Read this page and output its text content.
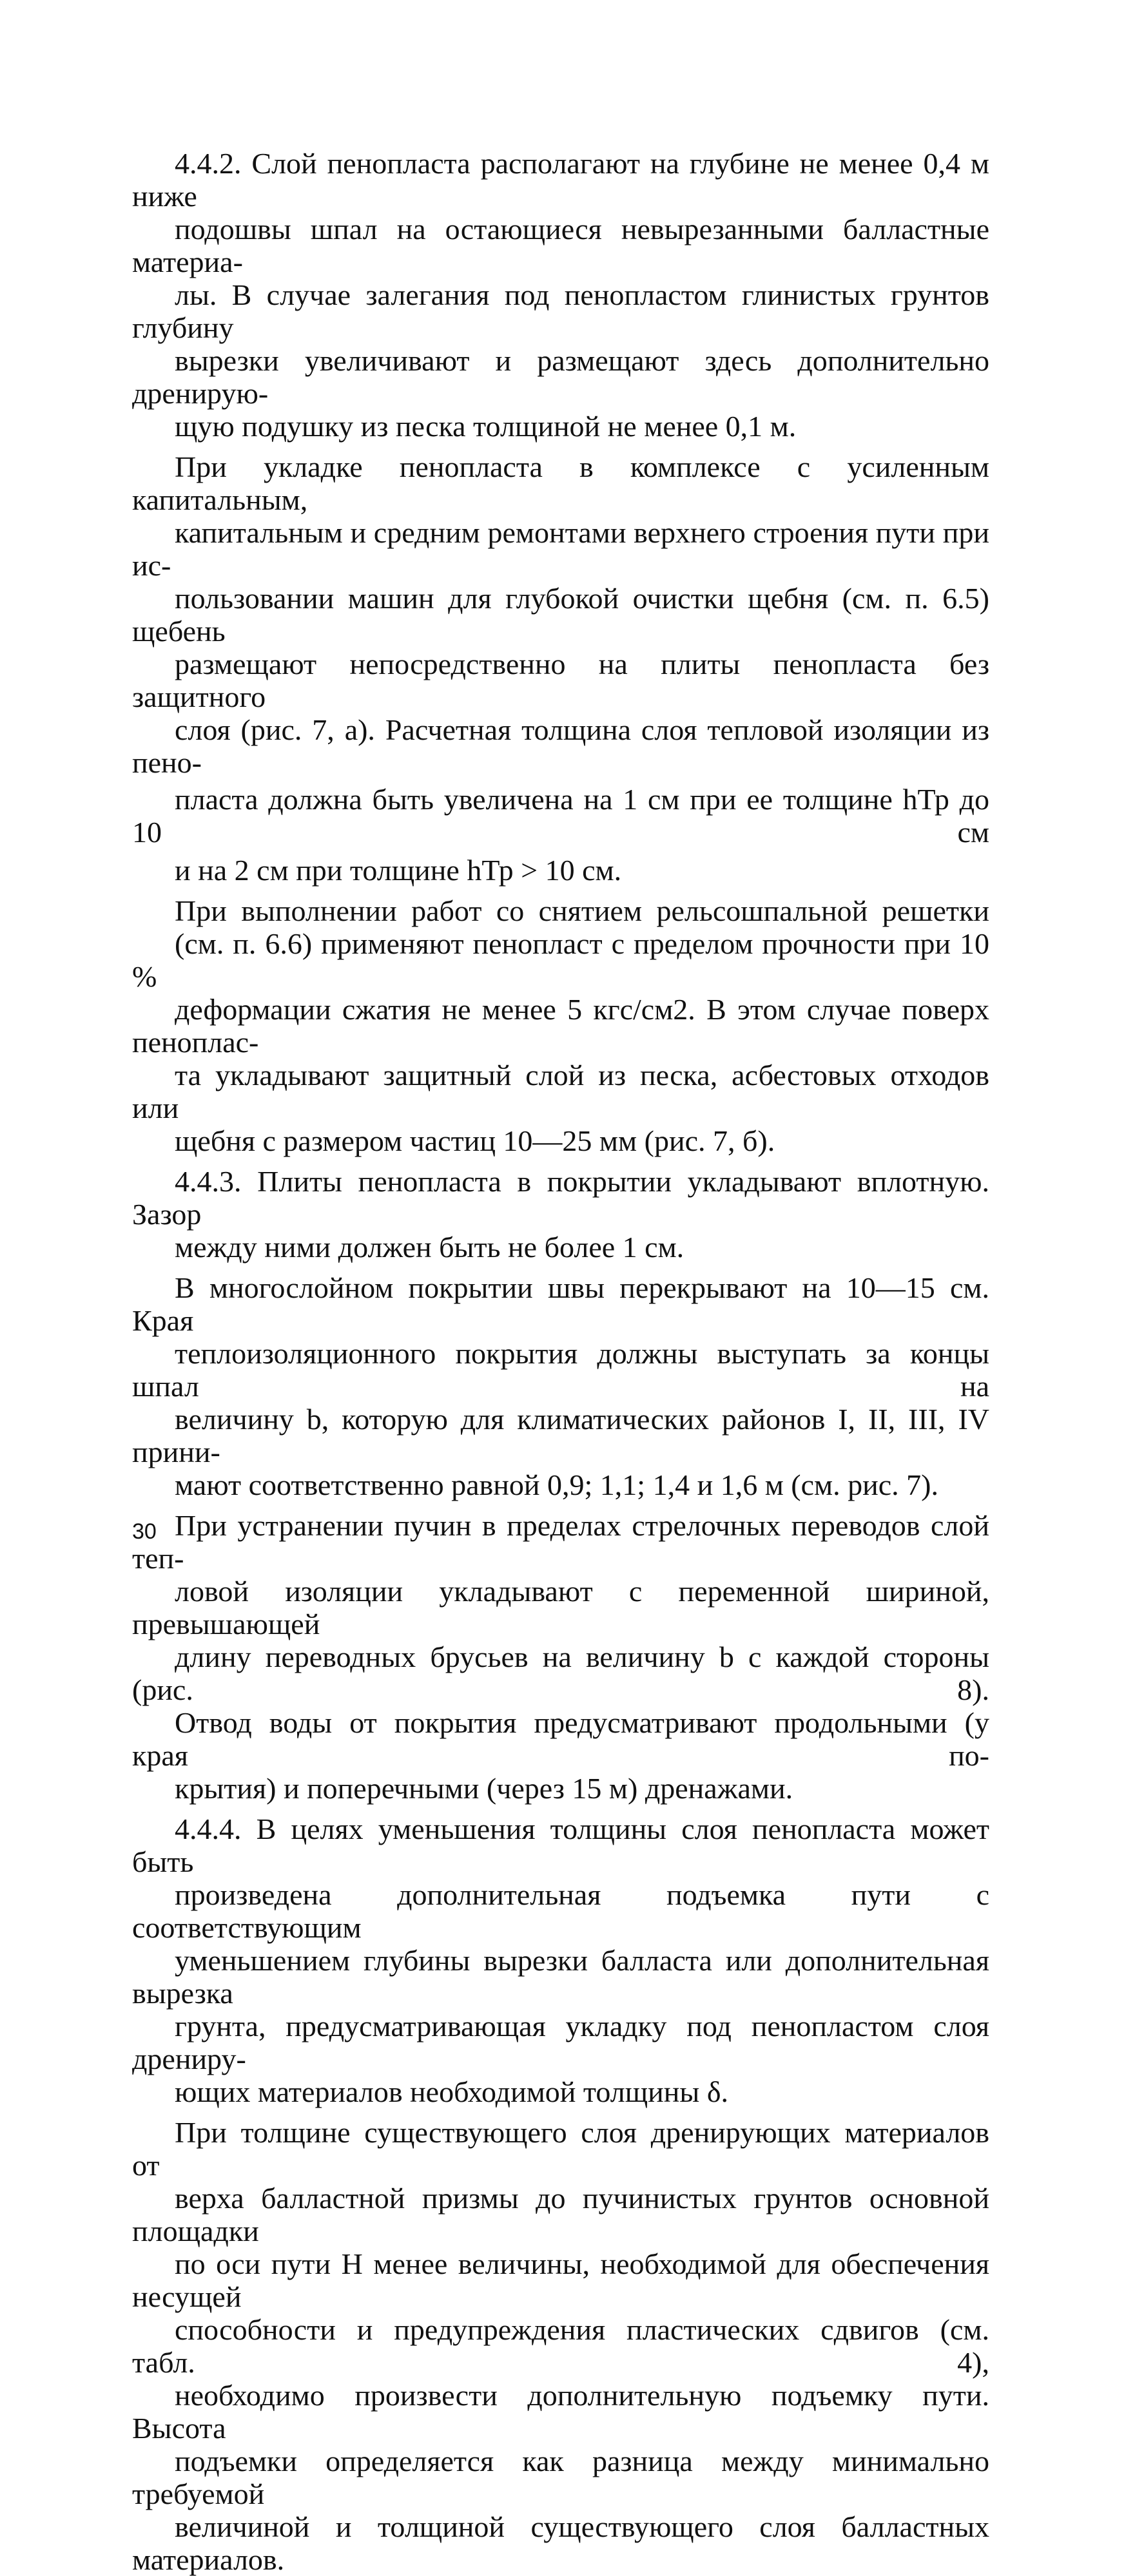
4.4.2. Слой пенопласта располагают на глубине не менее 0,4 м ниже
подошвы шпал на остающиеся невырезанными балластные материа-
лы. В случае залегания под пенопластом глинистых грунтов глубину
вырезки увеличивают и размещают здесь дополнительно дренирую-
щую подушку из песка толщиной не менее 0,1 м.
При укладке пенопласта в комплексе с усиленным капитальным,
капитальным и средним ремонтами верхнего строения пути при ис-
пользовании машин для глубокой очистки щебня (см. п. 6.5) щебень
размещают непосредственно на плиты пенопласта без защитного
слоя (рис. 7, а). Расчетная толщина слоя тепловой изоляции из пено-
пласта должна быть увеличена на 1 см при ее толщине hТр до 10 см
и на 2 см при толщине hТр > 10 см.
При выполнении работ со снятием рельсошпальной решетки
(см. п. 6.6) применяют пенопласт с пределом прочности при 10 %
деформации сжатия не менее 5 кгс/см2. В этом случае поверх пеноплас-
та укладывают защитный слой из песка, асбестовых отходов или
щебня с размером частиц 10—25 мм (рис. 7, б).
4.4.3. Плиты пенопласта в покрытии укладывают вплотную. Зазор
между ними должен быть не более 1 см.
В многослойном покрытии швы перекрывают на 10—15 см. Края
теплоизоляционного покрытия должны выступать за концы шпал на
величину b, которую для климатических районов I, II, III, IV прини-
мают соответственно равной 0,9; 1,1; 1,4 и 1,6 м (см. рис. 7).
При устранении пучин в пределах стрелочных переводов слой теп-
ловой изоляции укладывают с переменной шириной, превышающей
длину переводных брусьев на величину b с каждой стороны (рис. 8).
Отвод воды от покрытия предусматривают продольными (у края по-
крытия) и поперечными (через 15 м) дренажами.
4.4.4. В целях уменьшения толщины слоя пенопласта может быть
произведена дополнительная подъемка пути с соответствующим
уменьшением глубины вырезки балласта или дополнительная вырезка
грунта, предусматривающая укладку под пенопластом слоя дрениру-
ющих материалов необходимой толщины δ.
При толщине существующего слоя дренирующих материалов от
верха балластной призмы до пучинистых грунтов основной площадки
по оси пути H менее величины, необходимой для обеспечения несущей
способности и предупреждения пластических сдвигов (см. табл. 4),
необходимо произвести дополнительную подъемку пути. Высота
подъемки определяется как разница между минимально требуемой
величиной и толщиной существующего слоя балластных материалов.
30
